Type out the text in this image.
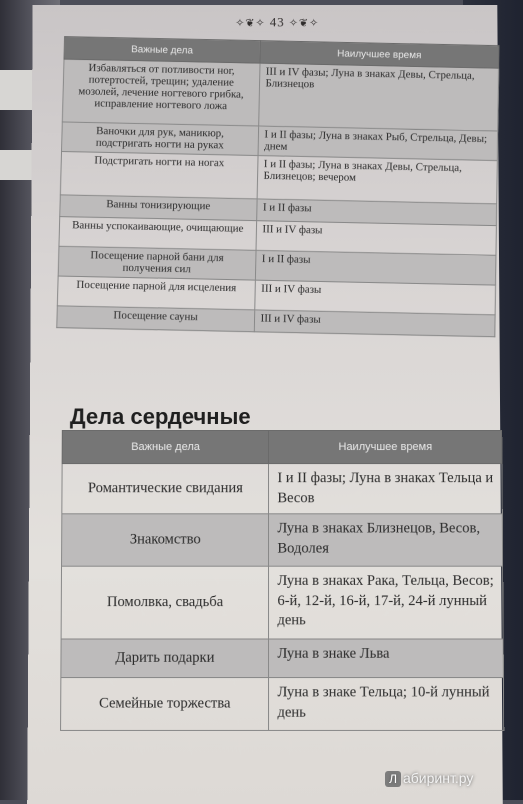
✧❦✧ 43 ✧❦✧
Важные дела	Наилучшее время
Избавляться от потливости ног, потертостей, трещин; удаление мозолей, лечение ногтевого грибка, исправление ногтевого ложа	III и IV фазы; Луна в знаках Девы, Стрельца, Близнецов
Ваночки для рук, маникюр, подстригать ногти на руках	I и II фазы; Луна в знаках Рыб, Стрельца, Девы; днем
Подстригать ногти на ногах	I и II фазы; Луна в знаках Девы, Стрельца, Близнецов; вечером
Ванны тонизирующие	I и II фазы
Ванны успокаивающие, очищающие	III и IV фазы
Посещение парной бани для получения сил	I и II фазы
Посещение парной для исцеления	III и IV фазы
Посещение сауны	III и IV фазы
Дела сердечные
Важные дела	Наилучшее время
Романтические свидания	I и II фазы; Луна в знаках Тельца и Весов
Знакомство	Луна в знаках Близнецов, Весов, Водолея
Помолвка, свадьба	Луна в знаках Рака, Тельца, Весов; 6-й, 12-й, 16-й, 17-й, 24-й лунный день
Дарить подарки	Луна в знаке Льва
Семейные торжества	Луна в знаке Тельца; 10-й лунный день
Л абиринт.ру
